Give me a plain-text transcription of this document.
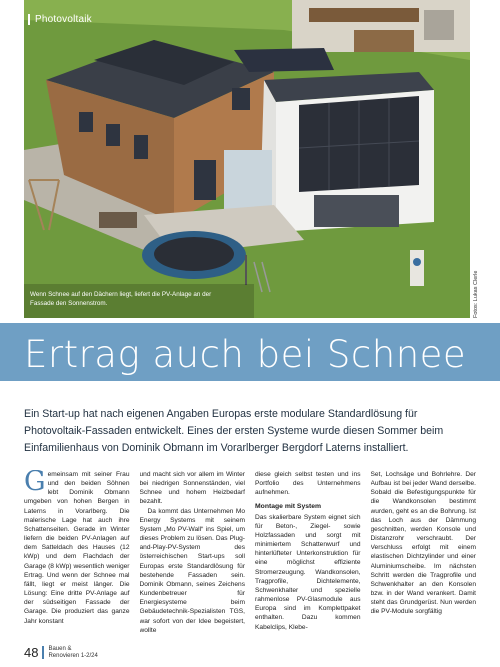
Photovoltaik
Wenn Schnee auf den Dächern liegt, liefert die PV-Anlage an der Fassade den Sonnenstrom.	Fotos: Lukas Clerle
Ertrag auch bei Schnee

Ein Start-up hat nach eigenen Angaben Europas erste modulare Standardlösung für Photovoltaik-Fassaden entwickelt. Eines der ersten Systeme wurde diesen Sommer beim Einfamilienhaus von Dominik Obmann im Vorarlberger Bergdorf Laterns installiert.

Gemeinsam mit seiner Frau und den beiden Söhnen lebt Dominik Obmann umgeben von hohen Bergen in Laterns in Vorarlberg. Die malerische Lage hat auch ihre Schattenseiten. Gerade im Winter liefern die beiden PV-Anlagen auf dem Satteldach des Hauses (12 kWp) und dem Flachdach der Garage (8 kWp) wesentlich weniger Ertrag. Und wenn der Schnee mal fällt, liegt er meist länger. Die Lösung: Eine dritte PV-Anlage auf der südseitigen Fassade der Garage. Die produziert das ganze Jahr konstant

und macht sich vor allem im Winter bei niedrigen Sonnenständen, viel Schnee und hohem Heizbedarf bezahlt.

Da kommt das Unternehmen Mo Energy Systems mit seinem System „Mo PV-Wall“ ins Spiel, um dieses Problem zu lösen. Das Plug-and-Play-PV-System des österreichischen Start-ups soll Europas erste Standardlösung für bestehende Fassaden sein. Dominik Obmann, seines Zeichens Kundenbetreuer für Energiesysteme beim Gebäudetechnik-Spezialisten TGS, war sofort von der Idee begeistert, wollte

diese gleich selbst testen und ins Portfolio des Unternehmens aufnehmen.

Montage mit System

Das skalierbare System eignet sich für Beton-, Ziegel- sowie Holzfassaden und sorgt mit minimiertem Schattenwurf und hinterlüfteter Unterkonstruktion für eine möglichst effiziente Stromerzeugung. Wandkonsolen, Tragprofile, Dichtelemente, Schwenkhalter und spezielle rahmenlose PV-Glasmodule aus Europa sind im Komplettpaket enthalten. Dazu kommen Kabelclips, Klebe-

Set, Lochsäge und Bohrlehre. Der Aufbau ist bei jeder Wand derselbe. Sobald die Befestigungspunkte für die Wandkonsolen bestimmt wurden, geht es an die Bohrung. Ist das Loch aus der Dämmung geschnitten, werden Konsole und Distanzrohr verschraubt. Der Verschluss erfolgt mit einem elastischen Dichtzylinder und einer Aluminiumscheibe. Im nächsten Schritt werden die Tragprofile und Schwenkhalter an den Konsolen bzw. in der Wand verankert. Damit steht das Grundgerüst. Nun werden die PV-Module sorgfältig

48	Bauen &
Renovieren 1-2/24
